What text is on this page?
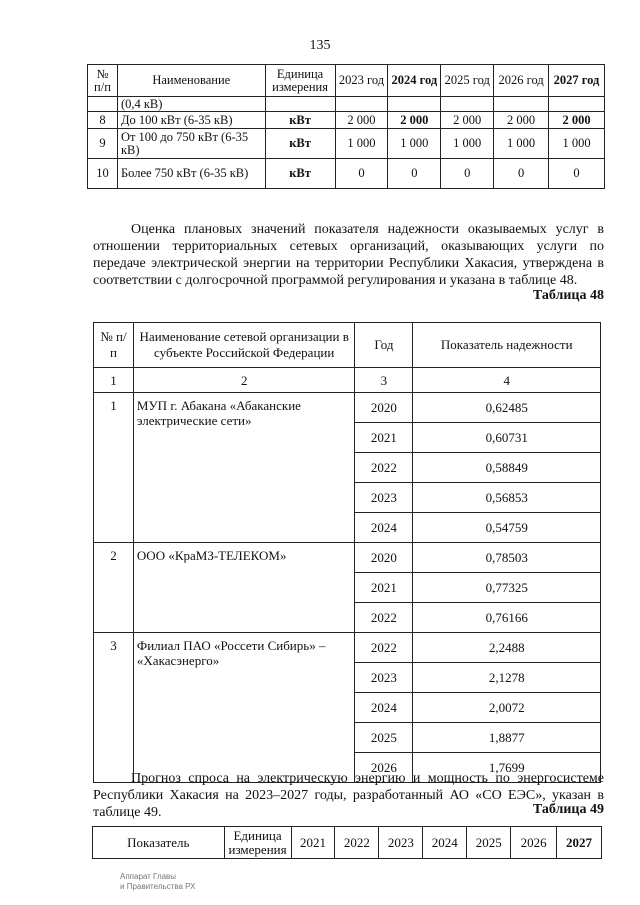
135
№ п/п	Наименование	Единица измерения	2023 год	2024 год	2025 год	2026 год	2027 год
	(0,4 кВ)						
8	До 100 кВт (6-35 кВ)	кВт	2 000	2 000	2 000	2 000	2 000
9	От 100 до 750 кВт (6-35 кВ)	кВт	1 000	1 000	1 000	1 000	1 000
10	Более 750 кВт (6-35 кВ)	кВт	0	0	0	0	0

Оценка плановых значений показателя надежности оказываемых услуг в отношении территориальных сетевых организаций, оказывающих услуги по передаче электрической энергии на территории Республики Хакасия, утверждена в соответствии с долгосрочной программой регулирования и указана в таблице 48.

Таблица 48
№ п/п	Наименование сетевой организации в субъекте Российской Федерации	Год	Показатель надежности
1	2	3	4
1	МУП г. Абакана «Абаканские электрические сети»	2020	0,62485
		2021	0,60731
		2022	0,58849
		2023	0,56853
		2024	0,54759
2	ООО «КраМЗ-ТЕЛЕКОМ»	2020	0,78503
		2021	0,77325
		2022	0,76166
3	Филиал ПАО «Россети Сибирь» – «Хакасэнерго»	2022	2,2488
		2023	2,1278
		2024	2,0072
		2025	1,8877
		2026	1,7699

Прогноз спроса на электрическую энергию и мощность по энергосистеме Республики Хакасия на 2023–2027 годы, разработанный АО «СО ЕЭС», указан в таблице 49.	Таблица 49
Показатель	Единица измерения	2021	2022	2023	2024	2025	2026	2027
Аппарат Главы
и Правительства РХ
